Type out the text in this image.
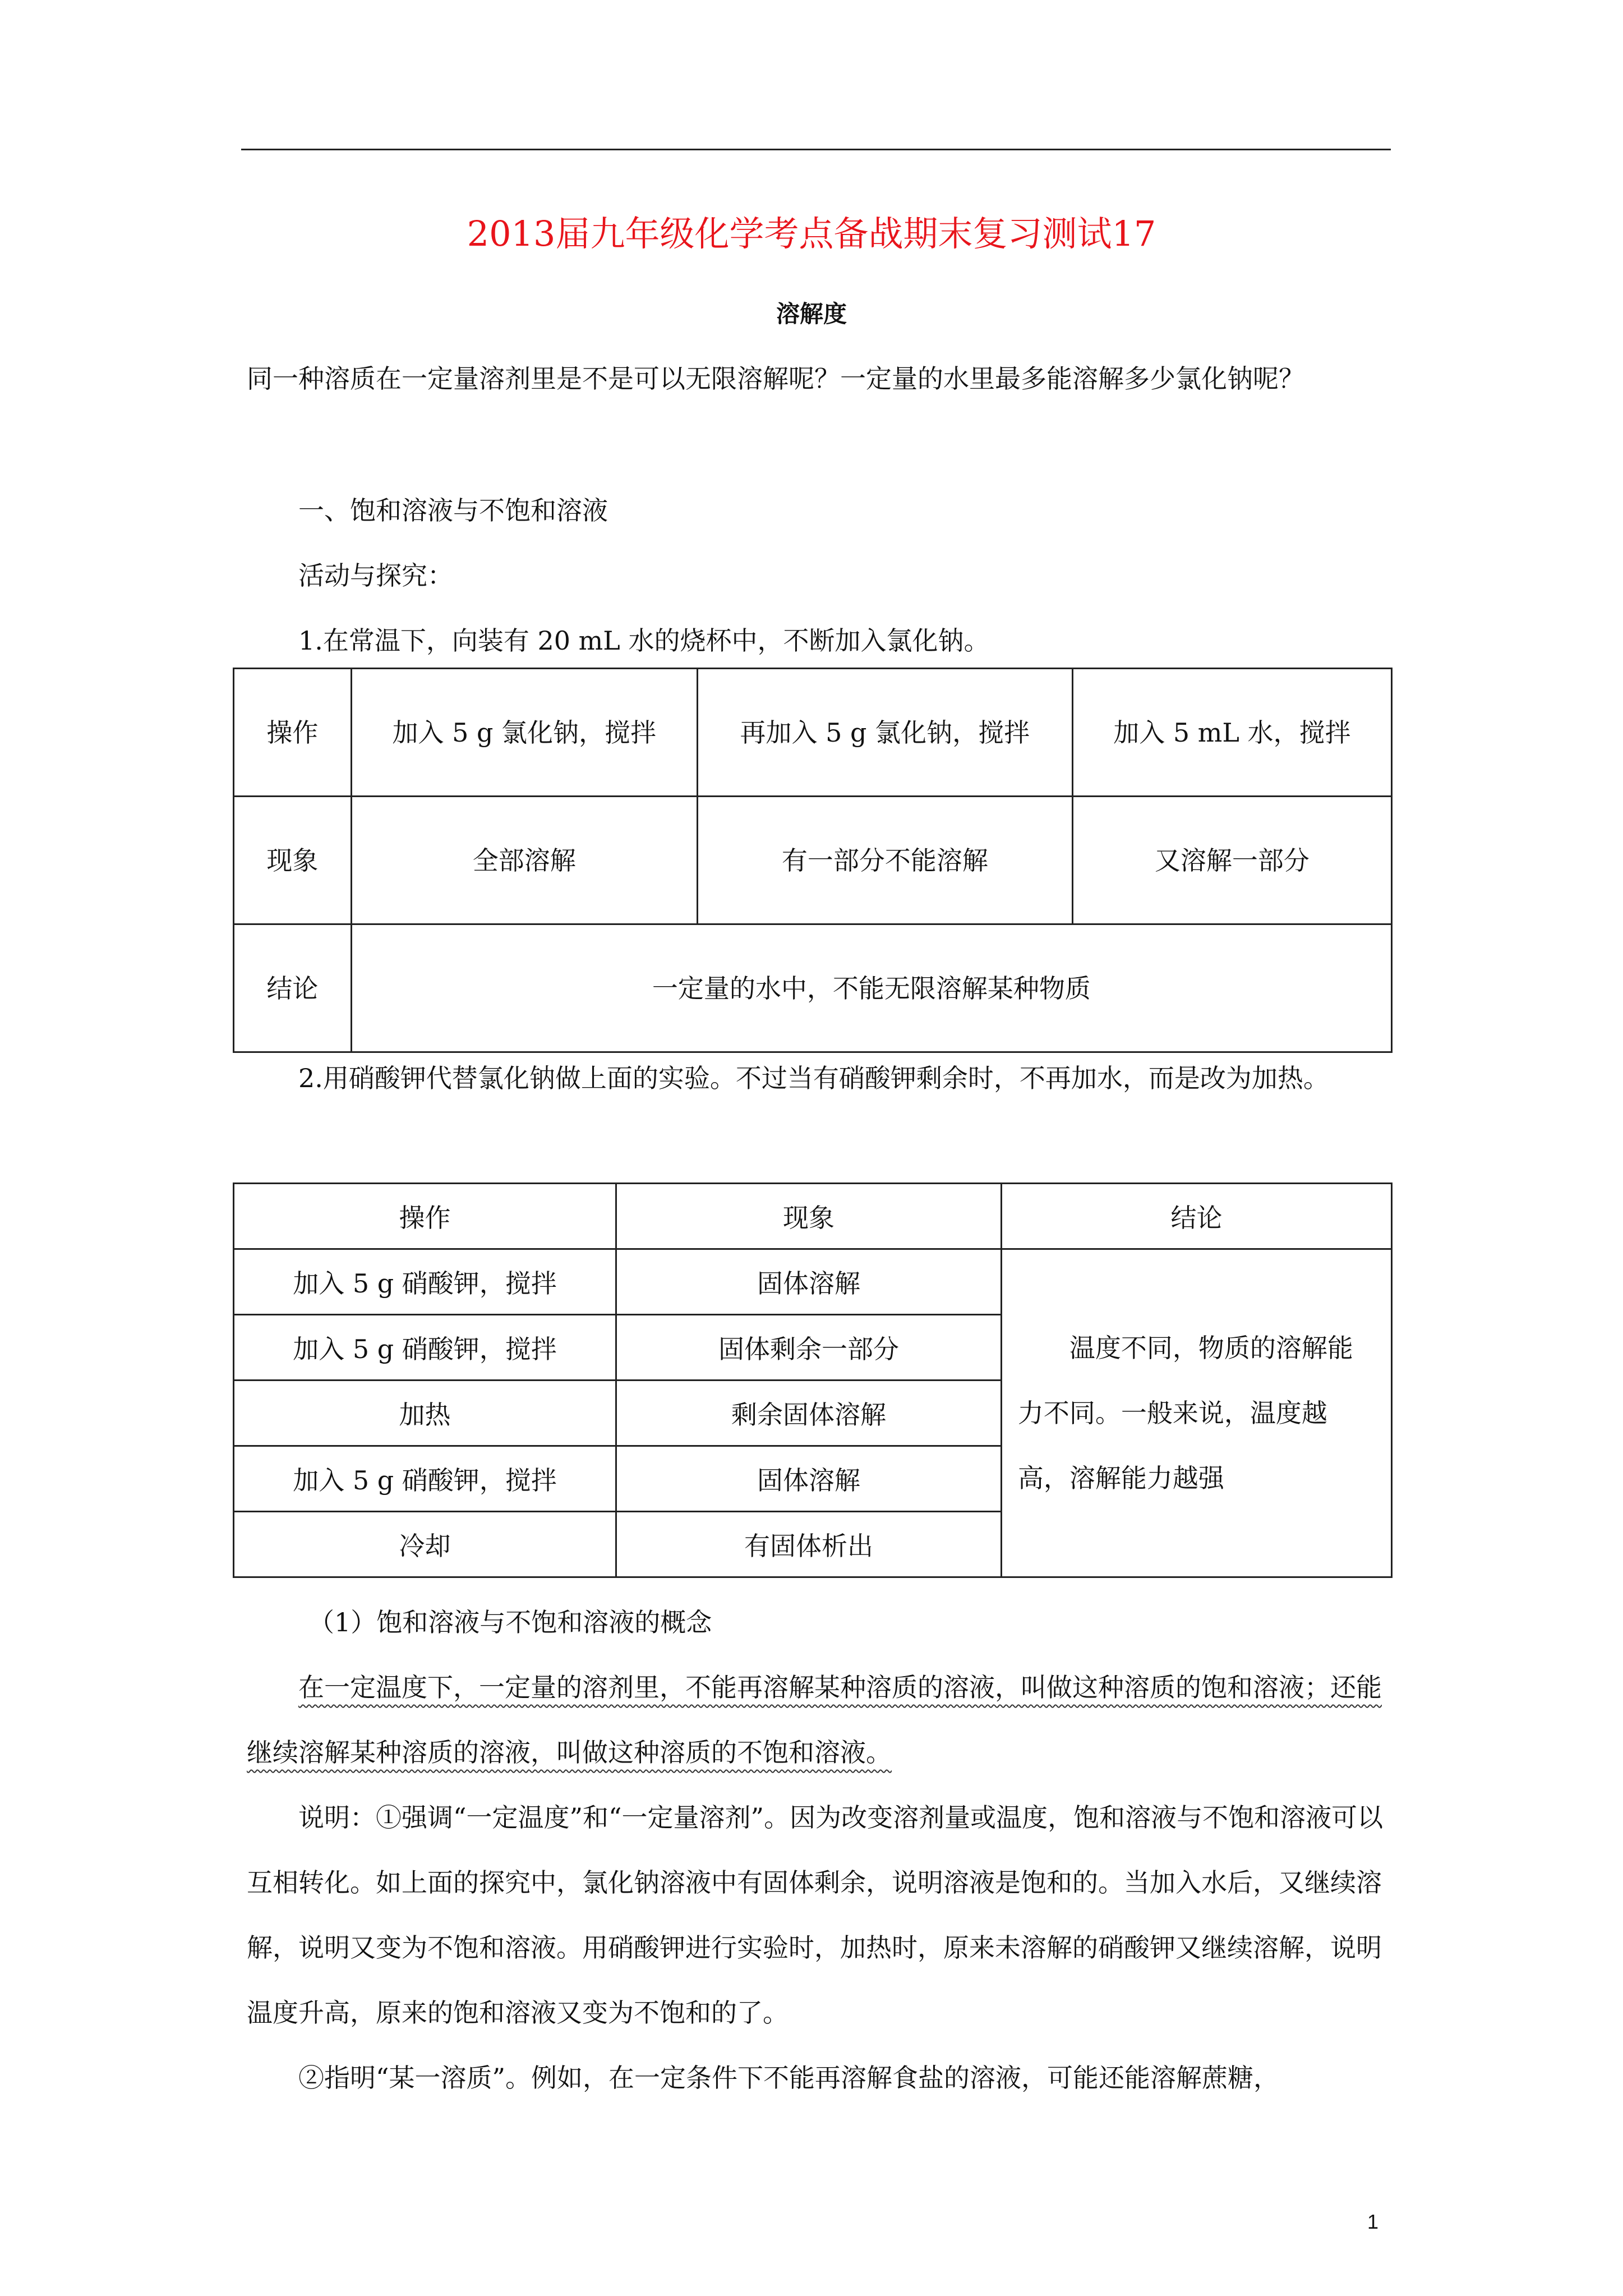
2013届九年级化学考点备战期末复习测试17
溶解度

同一种溶质在一定量溶剂里是不是可以无限溶解呢？一定量的水里最多能溶解多少氯化钠呢？

一、饱和溶液与不饱和溶液

活动与探究：

1.在常温下，向装有 20 mL 水的烧杯中，不断加入氯化钠。

操作	加入 5 g 氯化钠，搅拌	再加入 5 g 氯化钠，搅拌	加入 5 mL 水，搅拌
现象	全部溶解	有一部分不能溶解	又溶解一部分
结论	一定量的水中，不能无限溶解某种物质		

2.用硝酸钾代替氯化钠做上面的实验。不过当有硝酸钾剩余时，不再加水，而是改为加热。

操作	现象	结论
加入 5 g 硝酸钾，搅拌	固体溶解	温度不同，物质的溶解能力不同。一般来说，温度越高，溶解能力越强
加入 5 g 硝酸钾，搅拌	固体剩余一部分	
加热	剩余固体溶解	
加入 5 g 硝酸钾，搅拌	固体溶解	
冷却	有固体析出	

（1）饱和溶液与不饱和溶液的概念

在一定温度下，一定量的溶剂里，不能再溶解某种溶质的溶液，叫做这种溶质的饱和溶液；还能继续溶解某种溶质的溶液，叫做这种溶质的不饱和溶液。

说明：①强调“一定温度”和“一定量溶剂”。因为改变溶剂量或温度，饱和溶液与不饱和溶液可以互相转化。如上面的探究中，氯化钠溶液中有固体剩余，说明溶液是饱和的。当加入水后，又继续溶解，说明又变为不饱和溶液。用硝酸钾进行实验时，加热时，原来未溶解的硝酸钾又继续溶解，说明温度升高，原来的饱和溶液又变为不饱和的了。

②指明“某一溶质”。例如，在一定条件下不能再溶解食盐的溶液，可能还能溶解蔗糖，

1
